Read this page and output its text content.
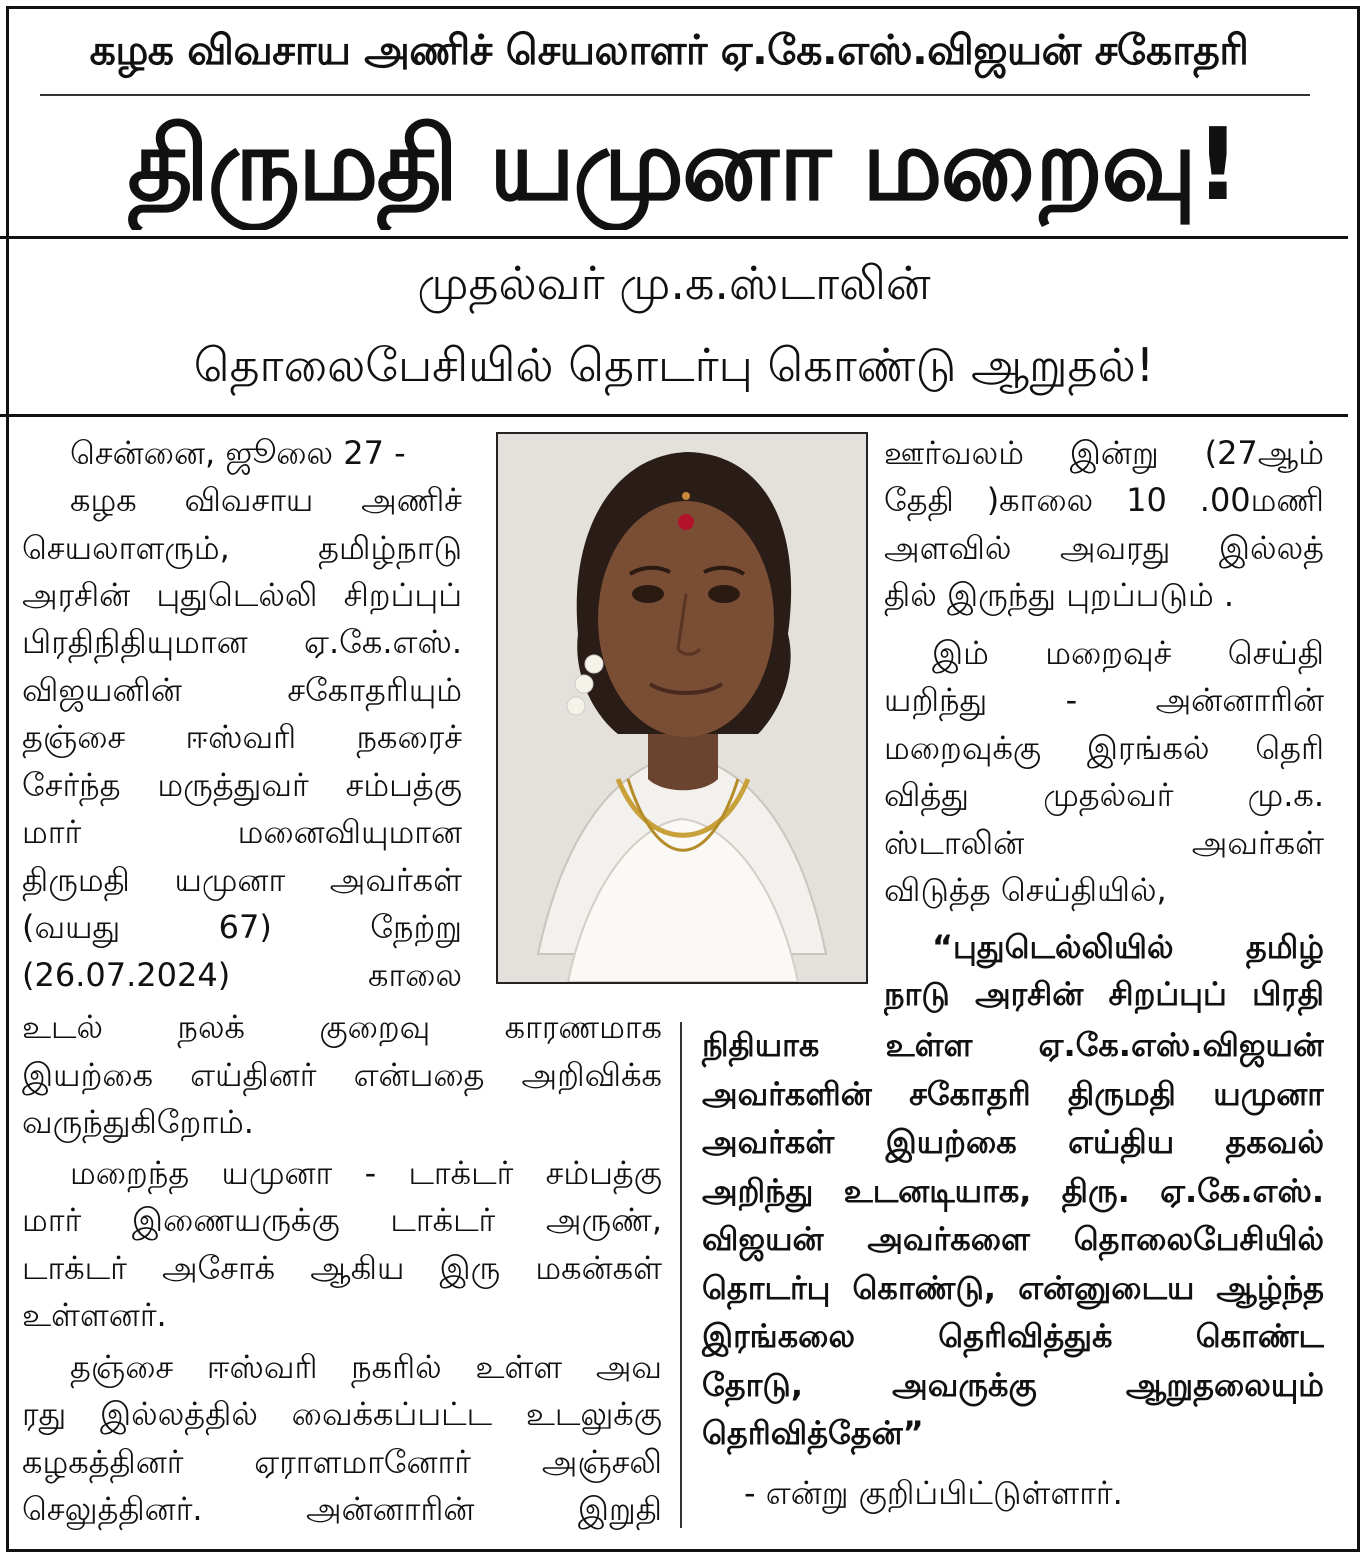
கழக விவசாய அணிச் செயலாளர் ஏ.கே.எஸ்.விஜயன் சகோதரி
திருமதி யமுனா மறைவு!
முதல்வர் மு.க.ஸ்டாலின்
தொலைபேசியில் தொடர்பு கொண்டு ஆறுதல்!
சென்னை, ஜூலை 27 -
கழக விவசாய அணிச்
செயலாளரும், தமிழ்நாடு
அரசின் புதுடெல்லி சிறப்புப்
பிரதிநிதியுமான ஏ.கே.எஸ்.
விஜயனின் சகோதரியும்
தஞ்சை ஈஸ்வரி நகரைச்
சேர்ந்த மருத்துவர் சம்பத்கு
மார் மனைவியுமான
திருமதி யமுனா அவர்கள்
(வயது 67) நேற்று
(26.07.2024) காலை
உடல் நலக் குறைவு காரணமாக
இயற்கை எய்தினர் என்பதை அறிவிக்க
வருந்துகிறோம்.
மறைந்த யமுனா - டாக்டர் சம்பத்கு
மார் இணையருக்கு டாக்டர் அருண்,
டாக்டர் அசோக் ஆகிய இரு மகன்கள்
உள்ளனர்.
தஞ்சை ஈஸ்வரி நகரில் உள்ள அவ
ரது இல்லத்தில் வைக்கப்பட்ட உடலுக்கு
கழகத்தினர் ஏராளமானோர் அஞ்சலி
செலுத்தினர். அன்னாரின் இறுதி
ஊர்வலம் இன்று (27ஆம்
தேதி )காலை 10 .00மணி
அளவில் அவரது இல்லத்
தில் இருந்து புறப்படும் .
இம் மறைவுச் செய்தி
யறிந்து - அன்னாரின்
மறைவுக்கு இரங்கல் தெரி
வித்து முதல்வர் மு.க.
ஸ்டாலின் அவர்கள்
விடுத்த செய்தியில்,
“புதுடெல்லியில் தமிழ்
நாடு அரசின் சிறப்புப் பிரதி
நிதியாக உள்ள ஏ.கே.எஸ்.விஜயன்
அவர்களின் சகோதரி திருமதி யமுனா
அவர்கள் இயற்கை எய்திய தகவல்
அறிந்து உடனடியாக, திரு. ஏ.கே.எஸ்.
விஜயன் அவர்களை தொலைபேசியில்
தொடர்பு கொண்டு, என்னுடைய ஆழ்ந்த
இரங்கலை தெரிவித்துக் கொண்ட
தோடு, அவருக்கு ஆறுதலையும்
தெரிவித்தேன்”
- என்று குறிப்பிட்டுள்ளார்.
